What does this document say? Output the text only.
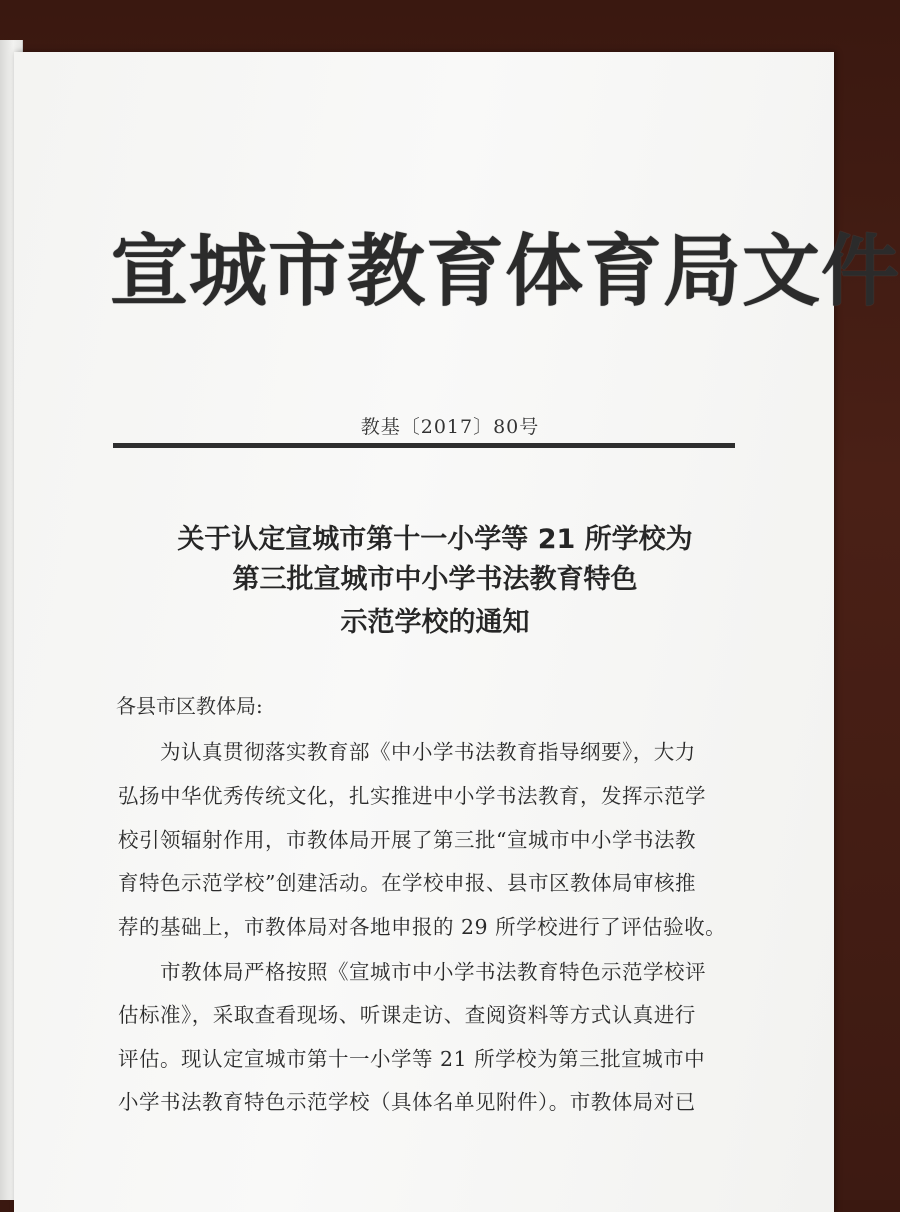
宣城市教育体育局文件
教基〔2017〕80号
关于认定宣城市第十一小学等 21 所学校为
第三批宣城市中小学书法教育特色
示范学校的通知
各县市区教体局:
为认真贯彻落实教育部《中小学书法教育指导纲要》，大力
弘扬中华优秀传统文化，扎实推进中小学书法教育，发挥示范学
校引领辐射作用，市教体局开展了第三批“宣城市中小学书法教
育特色示范学校”创建活动。在学校申报、县市区教体局审核推
荐的基础上，市教体局对各地申报的 29 所学校进行了评估验收。
市教体局严格按照《宣城市中小学书法教育特色示范学校评
估标准》，采取查看现场、听课走访、查阅资料等方式认真进行
评估。现认定宣城市第十一小学等 21 所学校为第三批宣城市中
小学书法教育特色示范学校（具体名单见附件）。市教体局对已
